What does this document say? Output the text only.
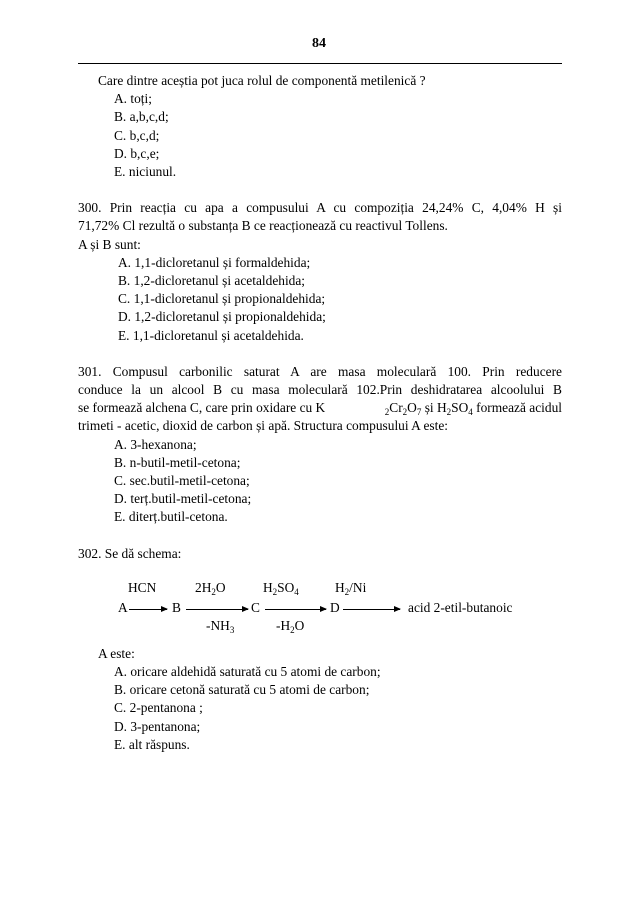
84
Care dintre aceștia pot juca rolul de componentă metilenică ?
A. toți;
B. a,b,c,d;
C. b,c,d;
D. b,c,e;
E. niciunul.
300. Prin reacția cu apa a compusului A cu compoziția 24,24% C, 4,04% H și
71,72% Cl rezultă o substanța B ce reacționează cu reactivul Tollens.
A și B sunt:
A. 1,1-dicloretanul și formaldehida;
B. 1,2-dicloretanul și acetaldehida;
C. 1,1-dicloretanul și propionaldehida;
D. 1,2-dicloretanul și propionaldehida;
E. 1,1-dicloretanul și acetaldehida.
301. Compusul carbonilic saturat A are masa moleculară 100. Prin reducere
conduce la un alcool B cu masa moleculară 102.Prin deshidratarea alcoolului B
se formează alchena C, care prin oxidare cu K	$_2Cr_2O_7$ și $H_2SO_4$ formează acidul
trimeti - acetic, dioxid de carbon și apă. Structura compusului A este:
A. 3-hexanona;
B. n-butil-metil-cetona;
C. sec.butil-metil-cetona;
D. terț.butil-metil-cetona;
E. diterț.butil-cetona.
302. Se dă schema:
HCN	$2H_2O$	$H_2SO_4$	$H_2/Ni$
A → B	C	D	acid 2-etil-butanoic
$-NH_3$	$-H_2O$
A este:
A. oricare aldehidă saturată cu 5 atomi de carbon;
B. oricare cetonă saturată cu 5 atomi de carbon;
C. 2-pentanona ;
D. 3-pentanona;
E. alt răspuns.
